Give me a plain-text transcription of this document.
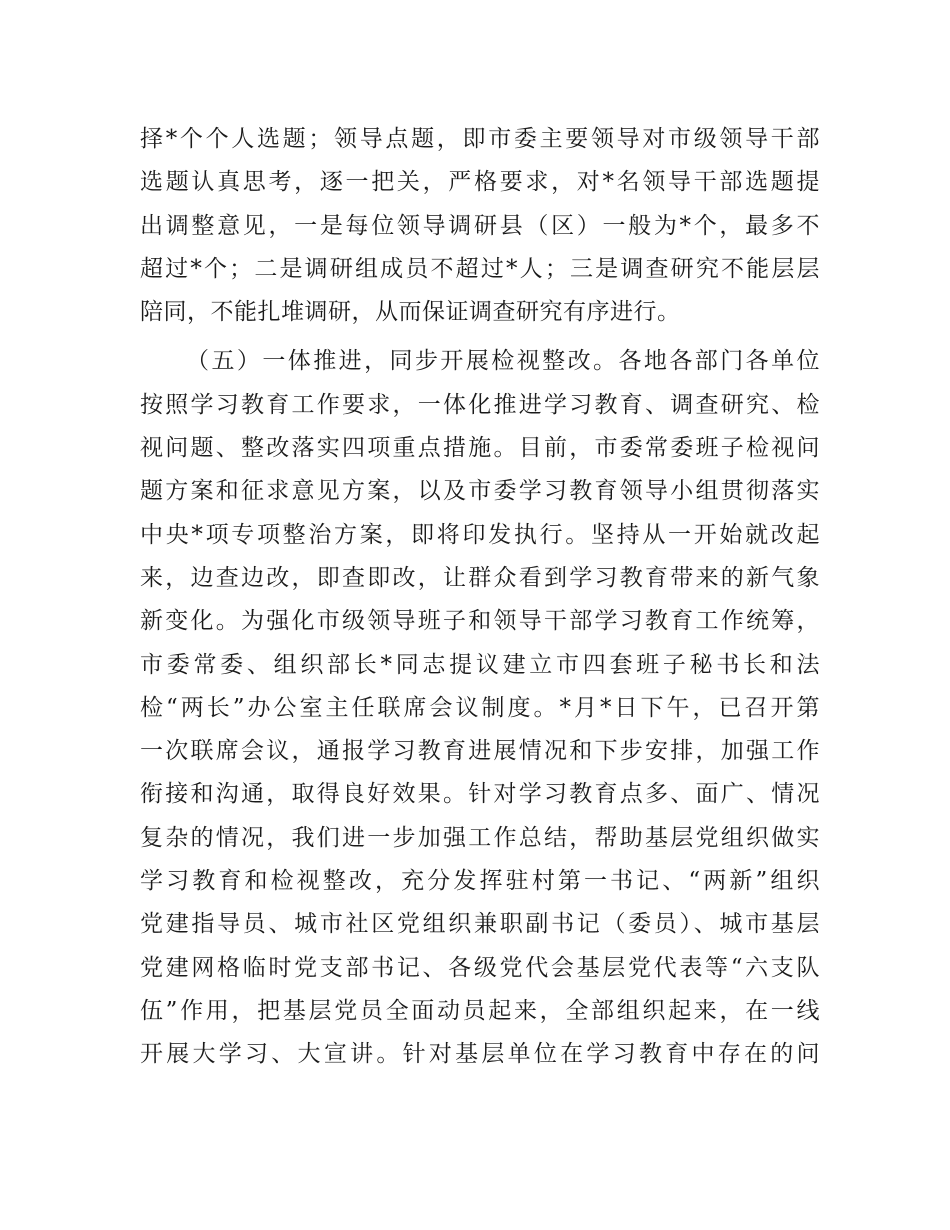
择*个个人选题；领导点题，即市委主要领导对市级领导干部
选题认真思考，逐一把关，严格要求，对*名领导干部选题提
出调整意见，一是每位领导调研县（区）一般为*个，最多不
超过*个；二是调研组成员不超过*人；三是调查研究不能层层
陪同，不能扎堆调研，从而保证调查研究有序进行。
（五）一体推进，同步开展检视整改。各地各部门各单位
按照学习教育工作要求，一体化推进学习教育、调查研究、检
视问题、整改落实四项重点措施。目前，市委常委班子检视问
题方案和征求意见方案，以及市委学习教育领导小组贯彻落实
中央*项专项整治方案，即将印发执行。坚持从一开始就改起
来，边查边改，即查即改，让群众看到学习教育带来的新气象
新变化。为强化市级领导班子和领导干部学习教育工作统筹，
市委常委、组织部长*同志提议建立市四套班子秘书长和法
检“两长”办公室主任联席会议制度。*月*日下午，已召开第
一次联席会议，通报学习教育进展情况和下步安排，加强工作
衔接和沟通，取得良好效果。针对学习教育点多、面广、情况
复杂的情况，我们进一步加强工作总结，帮助基层党组织做实
学习教育和检视整改，充分发挥驻村第一书记、“两新”组织
党建指导员、城市社区党组织兼职副书记（委员）、城市基层
党建网格临时党支部书记、各级党代会基层党代表等“六支队
伍”作用，把基层党员全面动员起来，全部组织起来，在一线
开展大学习、大宣讲。针对基层单位在学习教育中存在的问
